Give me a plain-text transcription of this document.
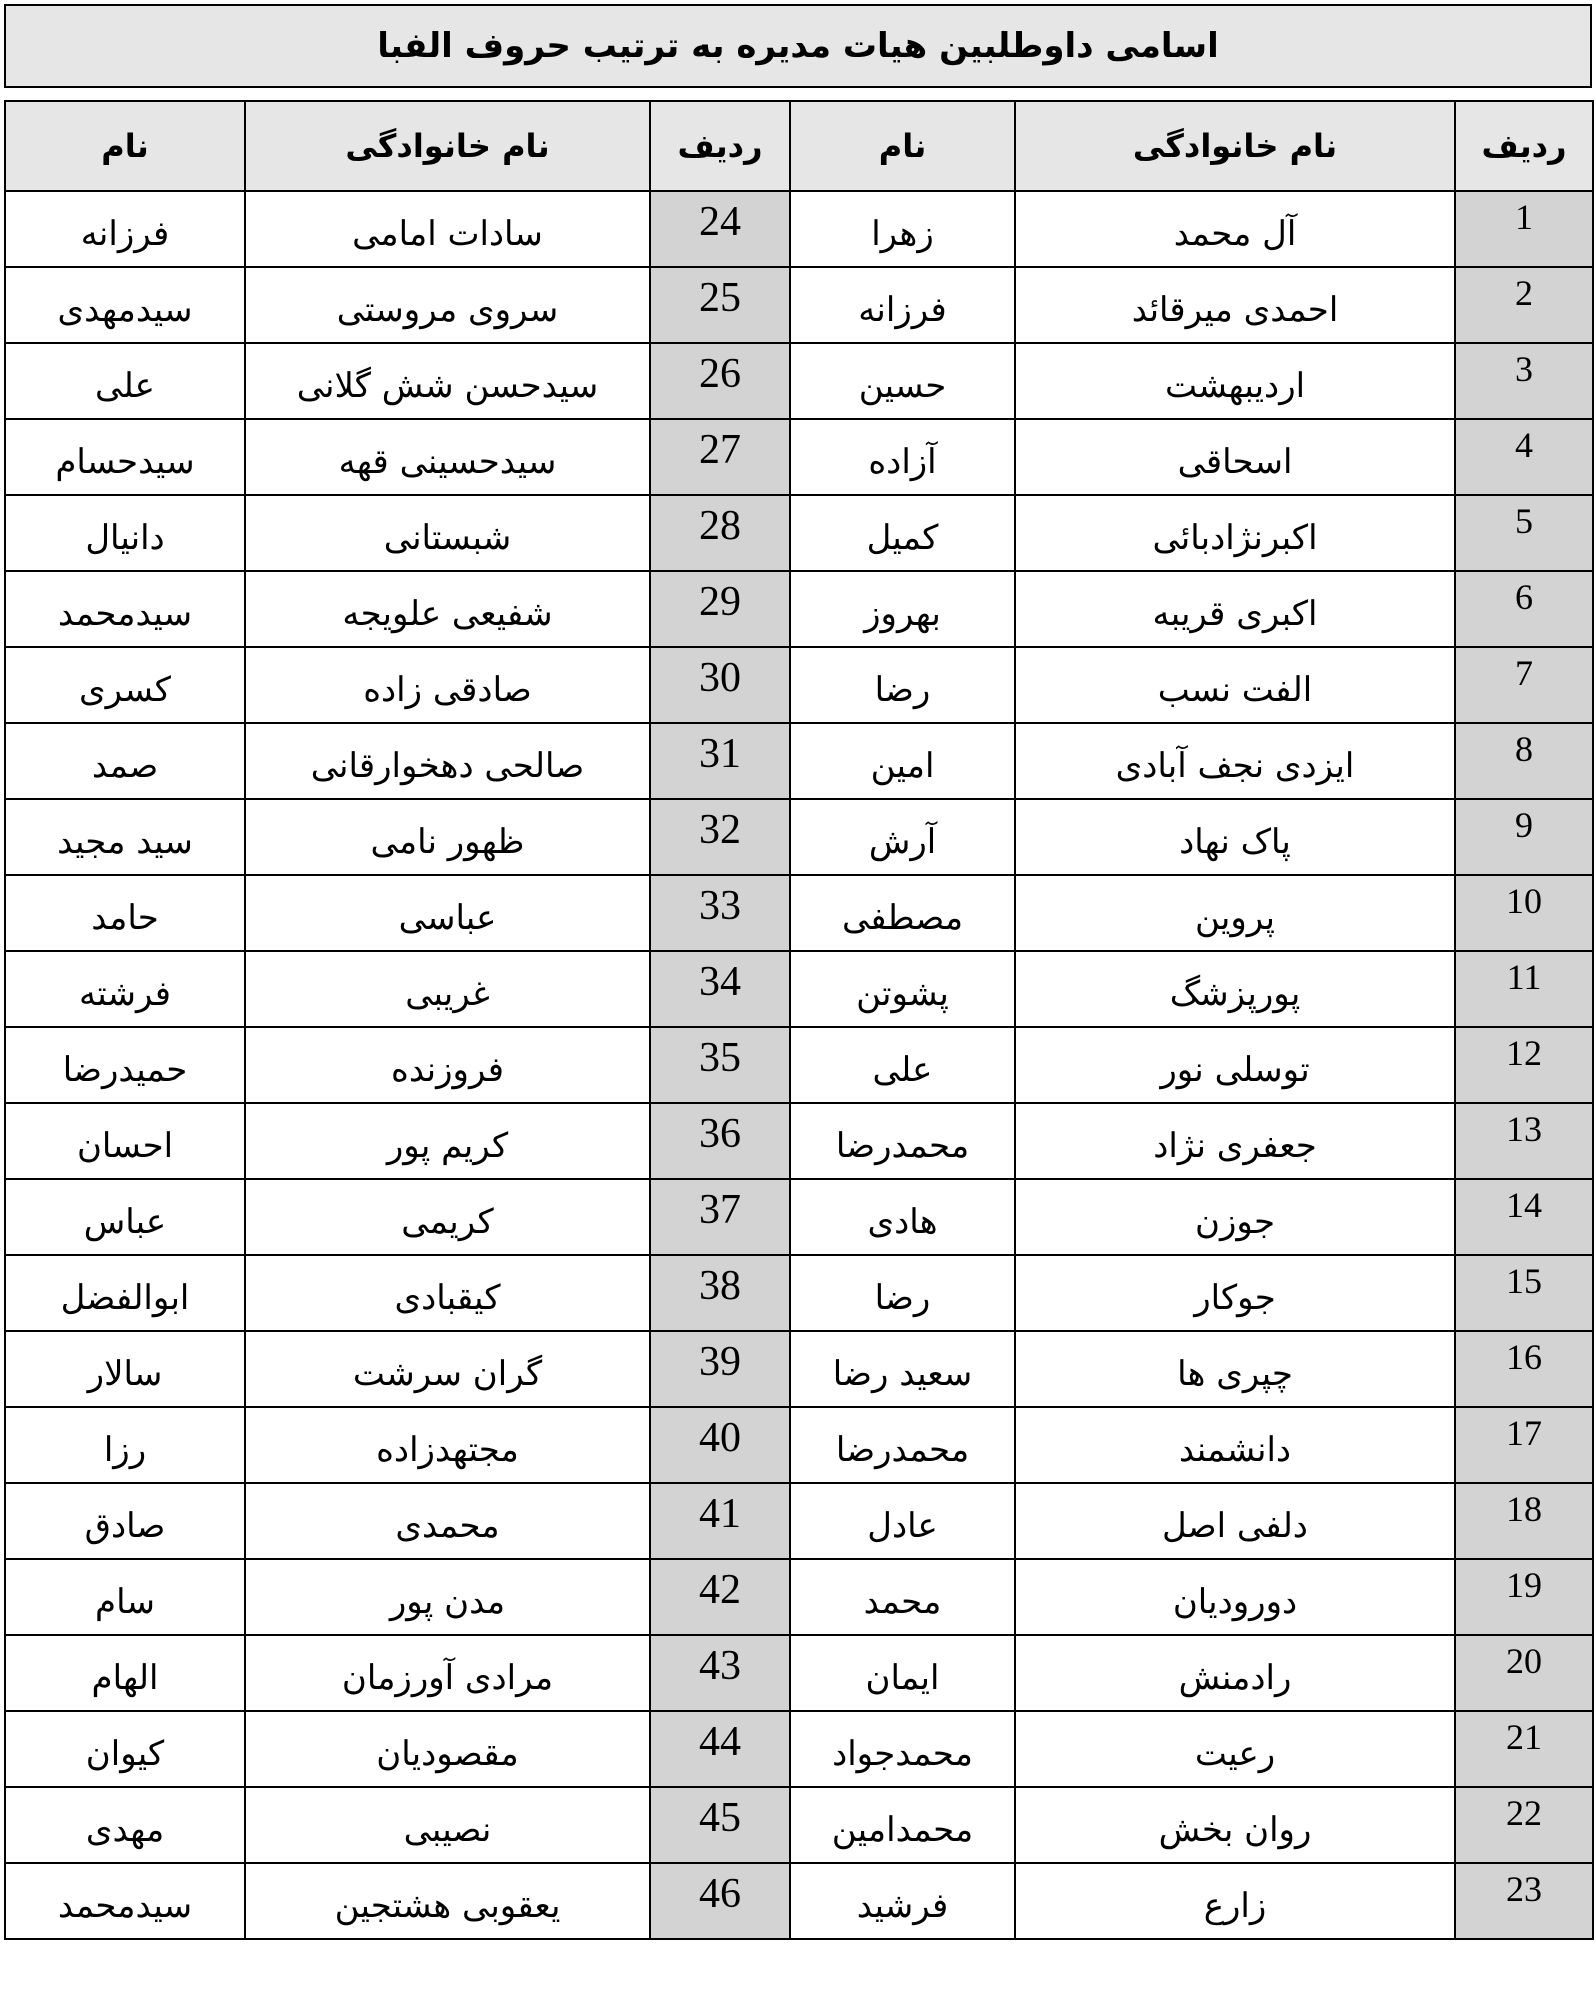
اسامی داوطلبین هیات مدیره به ترتیب حروف الفبا
نام	نام خانوادگی	ردیف	نام	نام خانوادگی	ردیف
فرزانه	سادات امامی	24	زهرا	آل محمد	1
سیدمهدی	سروی مروستی	25	فرزانه	احمدی میرقائد	2
علی	سیدحسن شش گلانی	26	حسین	اردیبهشت	3
سیدحسام	سیدحسینی قهه	27	آزاده	اسحاقی	4
دانیال	شبستانی	28	کمیل	اکبرنژادبائی	5
سیدمحمد	شفیعی علویجه	29	بهروز	اکبری قریبه	6
کسری	صادقی زاده	30	رضا	الفت نسب	7
صمد	صالحی دهخوارقانی	31	امین	ایزدی نجف آبادی	8
سید مجید	ظهور نامی	32	آرش	پاک نهاد	9
حامد	عباسی	33	مصطفی	پروین	10
فرشته	غریبی	34	پشوتن	پورپزشگ	11
حمیدرضا	فروزنده	35	علی	توسلی نور	12
احسان	کریم پور	36	محمدرضا	جعفری نژاد	13
عباس	کریمی	37	هادی	جوزن	14
ابوالفضل	کیقبادی	38	رضا	جوکار	15
سالار	گران سرشت	39	سعید رضا	چپری ها	16
رزا	مجتهدزاده	40	محمدرضا	دانشمند	17
صادق	محمدی	41	عادل	دلفی اصل	18
سام	مدن پور	42	محمد	دورودیان	19
الهام	مرادی آورزمان	43	ایمان	رادمنش	20
کیوان	مقصودیان	44	محمدجواد	رعیت	21
مهدی	نصیبی	45	محمدامین	روان بخش	22
سیدمحمد	یعقوبی هشتجین	46	فرشید	زارع	23
